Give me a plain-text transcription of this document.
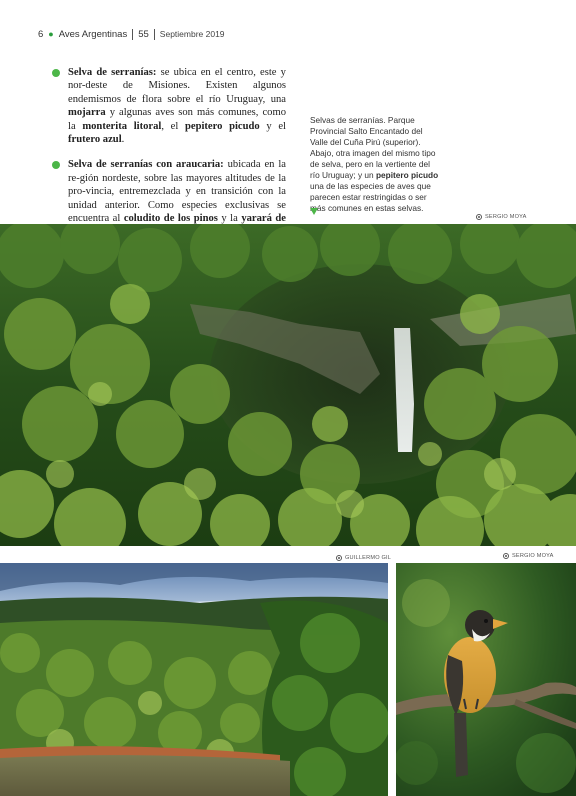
6 ● Aves Argentinas 55 Septiembre 2019
Selva de serranías: se ubica en el centro, este y nor-deste de Misiones. Existen algunos endemismos de flora sobre el río Uruguay, una mojarra y algunas aves son más comunes, como la monterita litoral, el pepitero picudo y el frutero azul.
Selva de serranías con araucaria: ubicada en la re-gión nordeste, sobre las mayores altitudes de la pro-vincia, entremezclada y en transición con la unidad anterior. Como especies exclusivas se encuentra al coludito de los pinos y la yarará de
Selvas de serranías. Parque Provincial Salto Encantado del Valle del Cuña Pirú (superior). Abajo, otra imagen del mismo tipo de selva, pero en la vertiente del río Uruguay; y un pepitero picudo una de las especies de aves que parecen estar restringidas o ser más comunes en estas selvas.
SERGIO MOYA
GUILLERMO GIL	SERGIO MOYA
